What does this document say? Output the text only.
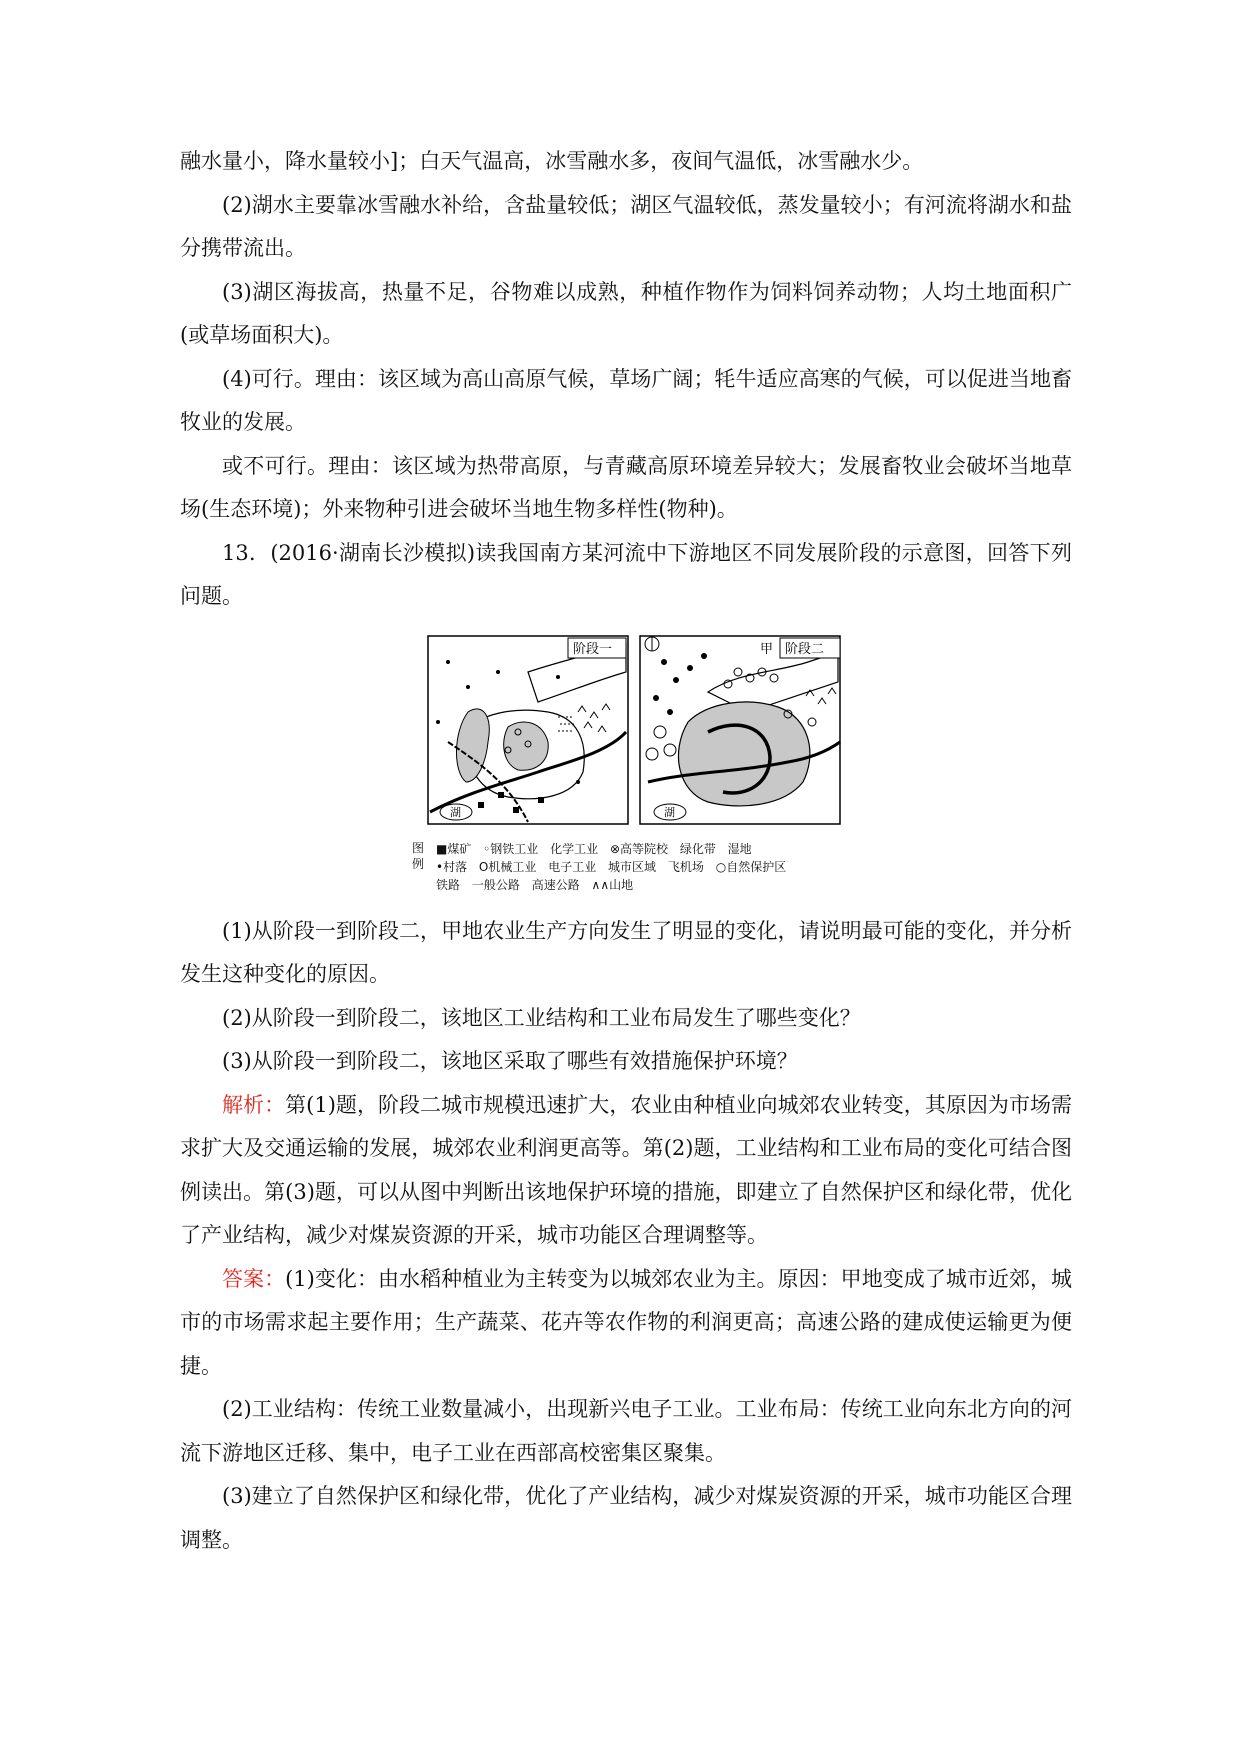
融水量小，降水量较小]；白天气温高，冰雪融水多，夜间气温低，冰雪融水少。

(2)湖水主要靠冰雪融水补给，含盐量较低；湖区气温较低，蒸发量较小；有河流将湖水和盐分携带流出。

(3)湖区海拔高，热量不足，谷物难以成熟，种植作物作为饲料饲养动物；人均土地面积广(或草场面积大)。

(4)可行。理由：该区域为高山高原气候，草场广阔；牦牛适应高寒的气候，可以促进当地畜牧业的发展。

或不可行。理由：该区域为热带高原，与青藏高原环境差异较大；发展畜牧业会破坏当地草场(生态环境)；外来物种引进会破坏当地生物多样性(物种)。

13．(2016·湖南长沙模拟)读我国南方某河流中下游地区不同发展阶段的示意图，回答下列问题。

湖
阶段一
湖
阶段二
甲
图例
■煤矿 ◦钢铁工业 化学工业 ⊗高等院校 绿化带 湿地
•村落 O机械工业 电子工业 城市区域 飞机场 ○自然保护区
铁路 一般公路 高速公路 ∧∧山地

(1)从阶段一到阶段二，甲地农业生产方向发生了明显的变化，请说明最可能的变化，并分析发生这种变化的原因。

(2)从阶段一到阶段二，该地区工业结构和工业布局发生了哪些变化？

(3)从阶段一到阶段二，该地区采取了哪些有效措施保护环境？

解析：第(1)题，阶段二城市规模迅速扩大，农业由种植业向城郊农业转变，其原因为市场需求扩大及交通运输的发展，城郊农业利润更高等。第(2)题，工业结构和工业布局的变化可结合图例读出。第(3)题，可以从图中判断出该地保护环境的措施，即建立了自然保护区和绿化带，优化了产业结构，减少对煤炭资源的开采，城市功能区合理调整等。

答案：(1)变化：由水稻种植业为主转变为以城郊农业为主。原因：甲地变成了城市近郊，城市的市场需求起主要作用；生产蔬菜、花卉等农作物的利润更高；高速公路的建成使运输更为便捷。

(2)工业结构：传统工业数量减小，出现新兴电子工业。工业布局：传统工业向东北方向的河流下游地区迁移、集中，电子工业在西部高校密集区聚集。

(3)建立了自然保护区和绿化带，优化了产业结构，减少对煤炭资源的开采，城市功能区合理调整。
